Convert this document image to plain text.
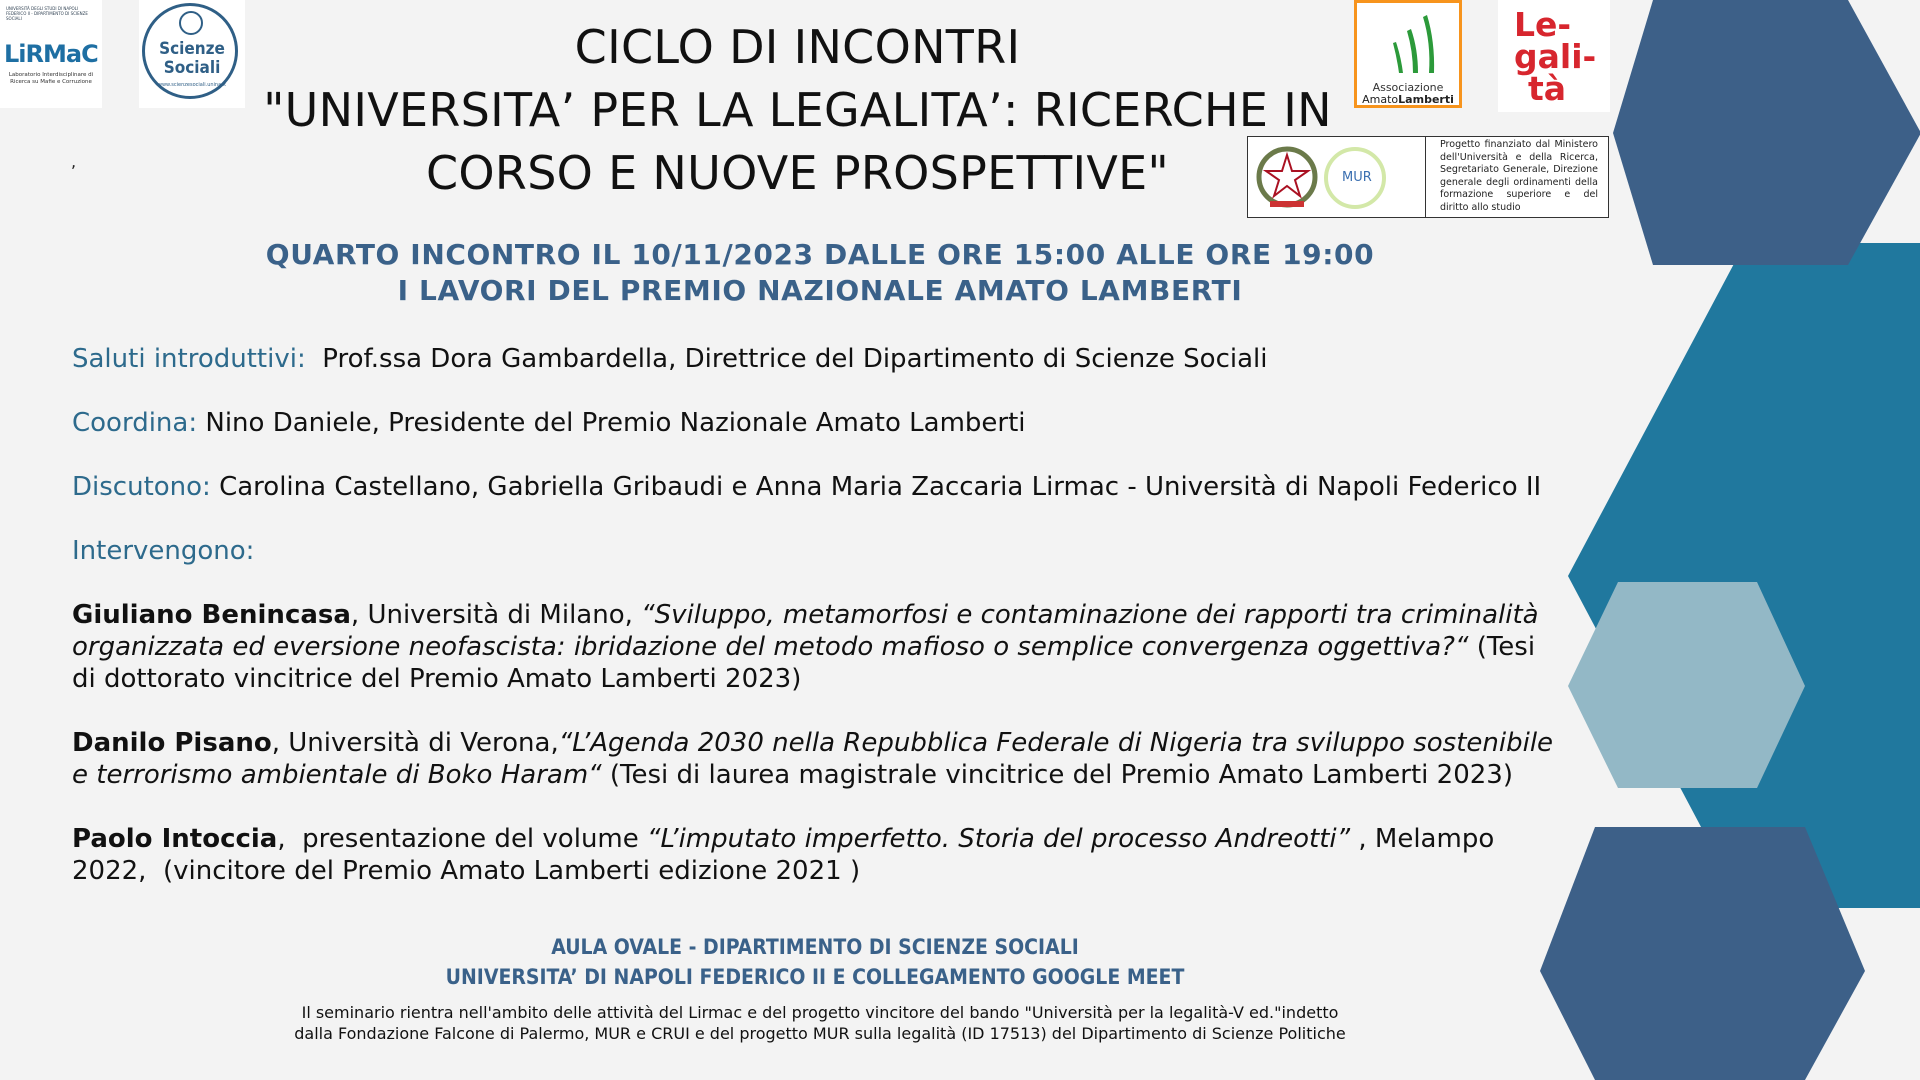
UNIVERSITÀ DEGLI STUDI DI NAPOLI FEDERICO II - DIPARTIMENTO DI SCIENZE SOCIALI
LiRMaC
Laboratorio Interdisciplinare di Ricerca su Mafie e Corruzione
Scienze
Sociali
www.scienzesociali.unina.it	Associazione
AmatoLamberti
Le-
gali-
tà
MUR
Progetto finanziato dal Ministero dell'Università e della Ricerca, Segretariato Generale, Direzione generale degli ordinamenti della formazione superiore e del diritto allo studio
,
CICLO DI INCONTRI
"UNIVERSITA’ PER LA LEGALITA’: RICERCHE IN
CORSO E NUOVE PROSPETTIVE"
QUARTO INCONTRO IL 10/11/2023 DALLE ORE 15:00 ALLE ORE 19:00
I LAVORI DEL PREMIO NAZIONALE AMATO LAMBERTI
Saluti introduttivi:  Prof.ssa Dora Gambardella, Direttrice del Dipartimento di Scienze Sociali
Coordina: Nino Daniele, Presidente del Premio Nazionale Amato Lamberti
Discutono: Carolina Castellano, Gabriella Gribaudi e Anna Maria Zaccaria Lirmac - Università di Napoli Federico II
Intervengono:
Giuliano Benincasa, Università di Milano, “Sviluppo, metamorfosi e contaminazione dei rapporti tra criminalità
organizzata ed eversione neofascista: ibridazione del metodo mafioso o semplice convergenza oggettiva?“ (Tesi
di dottorato vincitrice del Premio Amato Lamberti 2023)
Danilo Pisano, Università di Verona,“L’Agenda 2030 nella Repubblica Federale di Nigeria tra sviluppo sostenibile
e terrorismo ambientale di Boko Haram“ (Tesi di laurea magistrale vincitrice del Premio Amato Lamberti 2023)
Paolo Intoccia,  presentazione del volume “L’imputato imperfetto. Storia del processo Andreotti” , Melampo
2022,  (vincitore del Premio Amato Lamberti edizione 2021 )
AULA OVALE - DIPARTIMENTO DI SCIENZE SOCIALI
UNIVERSITA’ DI NAPOLI FEDERICO II E COLLEGAMENTO GOOGLE MEET
Il seminario rientra nell'ambito delle attività del Lirmac e del progetto vincitore del bando "Università per la legalità-V ed."indetto
dalla Fondazione Falcone di Palermo, MUR e CRUI e del progetto MUR sulla legalità (ID 17513) del Dipartimento di Scienze Politiche
